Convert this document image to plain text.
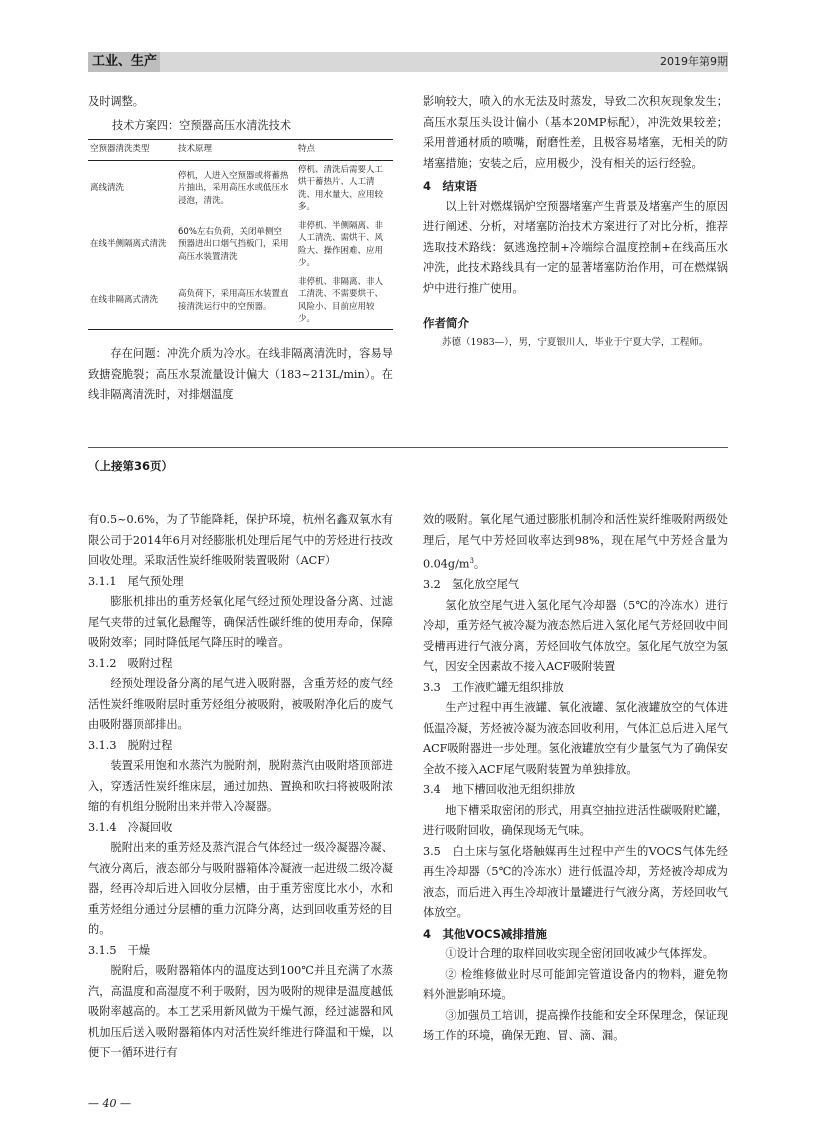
工业、生产	2019年第9期

及时调整。

技术方案四：空预器高压水清洗技术
空预器清洗类型	技术原理	特点
离线清洗	停机，人进入空预器或将蓄热片抽出，采用高压水或低压水浸泡，清洗。	停机、清洗后需要人工烘干蓄热片、人工清洗、用水量大、应用较多。
在线半侧隔离式清洗	60%左右负荷，关闭单侧空预器进出口烟气挡板门，采用高压水装置清洗	非停机、半侧隔离、非人工清洗、需烘干、风险大、操作困难、应用少。
在线非隔离式清洗	高负荷下，采用高压水装置直接清洗运行中的空预器。	非停机、非隔离、非人工清洗、不需要烘干、风险小、目前应用较少。

存在问题：冲洗介质为冷水。在线非隔离清洗时，容易导致搪瓷脆裂；高压水泵流量设计偏大（183~213L/min）。在线非隔离清洗时，对排烟温度

影响较大，喷入的水无法及时蒸发，导致二次积灰现象发生；高压水泵压头设计偏小（基本20MP标配），冲洗效果较差；采用普通材质的喷嘴，耐磨性差，且极容易堵塞，无相关的防堵塞措施；安装之后，应用极少，没有相关的运行经验。

4　结束语

以上针对燃煤锅炉空预器堵塞产生背景及堵塞产生的原因进行阐述、分析，对堵塞防治技术方案进行了对比分析，推荐选取技术路线：氨逃逸控制+冷端综合温度控制+在线高压水冲洗，此技术路线具有一定的显著堵塞防治作用，可在燃煤锅炉中进行推广使用。

作者简介

苏德（1983—），男，宁夏银川人，毕业于宁夏大学，工程师。

（上接第36页）

有0.5~0.6%，为了节能降耗，保护环境，杭州名鑫双氧水有限公司于2014年6月对经膨胀机处理后尾气中的芳烃进行技改回收处理。采取活性炭纤维吸附装置吸附（ACF）

3.1.1　尾气预处理

膨胀机排出的重芳烃氧化尾气经过预处理设备分离、过滤尾气夹带的过氧化悬醒等，确保活性碳纤维的使用寿命，保障吸附效率；同时降低尾气降压时的噪音。

3.1.2　吸附过程

经预处理设备分离的尾气进入吸附器，含重芳烃的废气经活性炭纤维吸附层时重芳烃组分被吸附，被吸附净化后的废气由吸附器顶部排出。

3.1.3　脱附过程

装置采用饱和水蒸汽为脱附剂，脱附蒸汽由吸附塔顶部进入，穿透活性炭纤维床层，通过加热、置换和吹扫将被吸附浓缩的有机组分脱附出来并带入冷凝器。

3.1.4　冷凝回收

脱附出来的重芳烃及蒸汽混合气体经过一级冷凝器冷凝、气液分离后，液态部分与吸附器箱体冷凝液一起进级二级冷凝器，经再冷却后进入回收分层槽，由于重芳密度比水小，水和重芳烃组分通过分层槽的重力沉降分离，达到回收重芳烃的目的。

3.1.5　干燥

脱附后，吸附器箱体内的温度达到100℃并且充满了水蒸汽，高温度和高湿度不利于吸附，因为吸附的规律是温度越低吸附率越高的。本工艺采用新风做为干燥气源，经过滤器和风机加压后送入吸附器箱体内对活性炭纤维进行降温和干燥，以便下一循环进行有

效的吸附。氧化尾气通过膨胀机制冷和活性炭纤维吸附两级处理后，尾气中芳烃回收率达到98%，现在尾气中芳烃含量为$0.04g/m^3$。

3.2　氢化放空尾气

氢化放空尾气进入氢化尾气冷却器（5℃的冷冻水）进行冷却，重芳烃气被冷凝为液态然后进入氢化尾气芳烃回收中间受槽再进行气液分离，芳烃回收气体放空。氢化尾气放空为氢气，因安全因素故不接入ACF吸附装置

3.3　工作液贮罐无组织排放

生产过程中再生液罐、氧化液罐、氢化液罐放空的气体进低温冷凝，芳烃被冷凝为液态回收利用，气体汇总后进入尾气ACF吸附器进一步处理。氢化液罐放空有少量氢气为了确保安全故不接入ACF尾气吸附装置为单独排放。

3.4　地下槽回收池无组织排放

地下槽采取密闭的形式，用真空抽拉进活性碳吸附贮罐，进行吸附回收，确保现场无气味。

3.5　白土床与氢化塔触媒再生过程中产生的VOCS气体先经再生冷却器（5℃的冷冻水）进行低温冷却，芳烃被冷却成为液态，而后进入再生冷却液计量罐进行气液分离，芳烃回收气体放空。

4　其他VOCS减排措施

①设计合理的取样回收实现全密闭回收减少气体挥发。

② 检维修做业时尽可能卸完管道设备内的物料，避免物料外泄影响环境。

③加强员工培训，提高操作技能和安全环保理念，保证现场工作的环境，确保无跑、冒、滴、漏。

— 40 —
